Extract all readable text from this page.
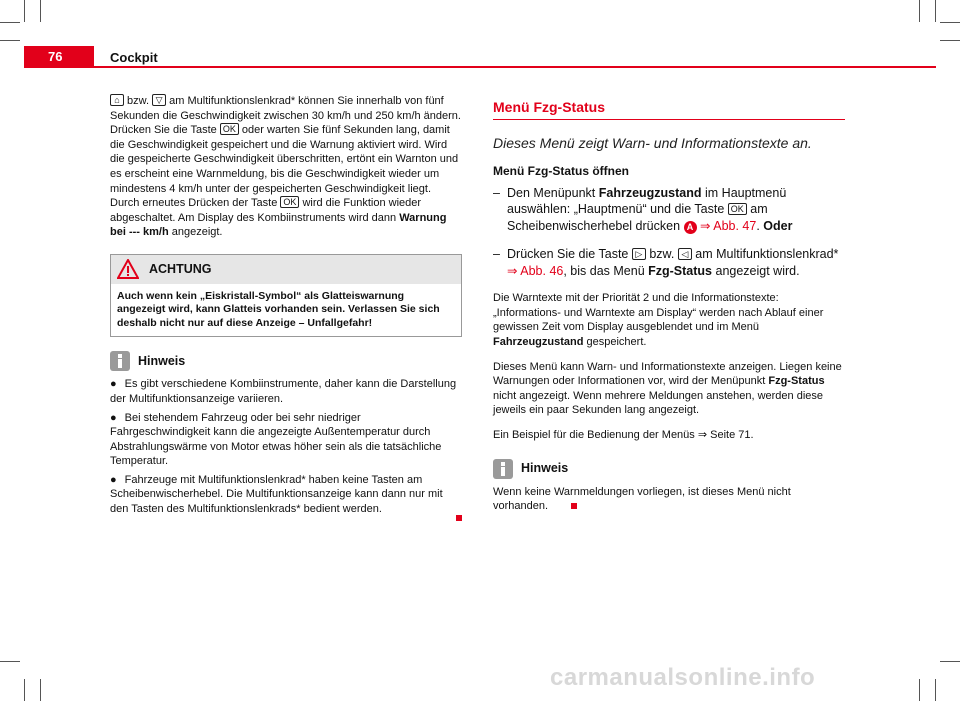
76	Cockpit

⌂ bzw. ▽ am Multifunktionslenkrad* können Sie innerhalb von fünf Sekunden die Geschwindigkeit zwischen 30 km/h und 250 km/h ändern. Drücken Sie die Taste OK oder warten Sie fünf Sekunden lang, damit die Geschwindigkeit gespeichert und die Warnung aktiviert wird. Wird die gespeicherte Geschwindigkeit überschritten, ertönt ein Warnton und es erscheint eine Warnmeldung, bis die Geschwindigkeit wieder um mindestens 4 km/h unter der gespeicherten Geschwindigkeit liegt. Durch erneutes Drücken der Taste OK wird die Funktion wieder abgeschaltet. Am Display des Kombiinstruments wird dann Warnung bei --- km/h angezeigt.

ACHTUNG
Auch wenn kein „Eiskristall-Symbol“ als Glatteiswarnung angezeigt wird, kann Glatteis vorhanden sein. Verlassen Sie sich deshalb nicht nur auf diese Anzeige – Unfallgefahr!
Hinweis

● Es gibt verschiedene Kombiinstrumente, daher kann die Darstellung der Multifunktionsanzeige variieren.

● Bei stehendem Fahrzeug oder bei sehr niedriger Fahrgeschwindigkeit kann die angezeigte Außentemperatur durch Abstrahlungswärme von Motor etwas höher sein als die tatsächliche Temperatur.

● Fahrzeuge mit Multifunktionslenkrad* haben keine Tasten am Scheibenwischerhebel. Die Multifunktionsanzeige kann dann nur mit den Tasten des Multifunktionslenkrads* bedient werden.

Menü Fzg-Status
Dieses Menü zeigt Warn- und Informationstexte an.
Menü Fzg-Status öffnen
– Den Menüpunkt Fahrzeugzustand im Hauptmenü auswählen: „Hauptmenü“ und die Taste OK am Scheibenwischerhebel drücken A ⇒ Abb. 47. Oder
– Drücken Sie die Taste ▷ bzw. ◁ am Multifunktionslenkrad* ⇒ Abb. 46, bis das Menü Fzg-Status angezeigt wird.

Die Warntexte mit der Priorität 2 und die Informationstexte: „Informations- und Warntexte am Display“ werden nach Ablauf einer gewissen Zeit vom Display ausgeblendet und im Menü Fahrzeugzustand gespeichert.

Dieses Menü kann Warn- und Informationstexte anzeigen. Liegen keine Warnungen oder Informationen vor, wird der Menüpunkt Fzg-Status nicht angezeigt. Wenn mehrere Meldungen anstehen, werden diese jeweils ein paar Sekunden lang angezeigt.

Ein Beispiel für die Bedienung der Menüs ⇒ Seite 71.

Hinweis

Wenn keine Warnmeldungen vorliegen, ist dieses Menü nicht vorhanden.

carmanualsonline.info
